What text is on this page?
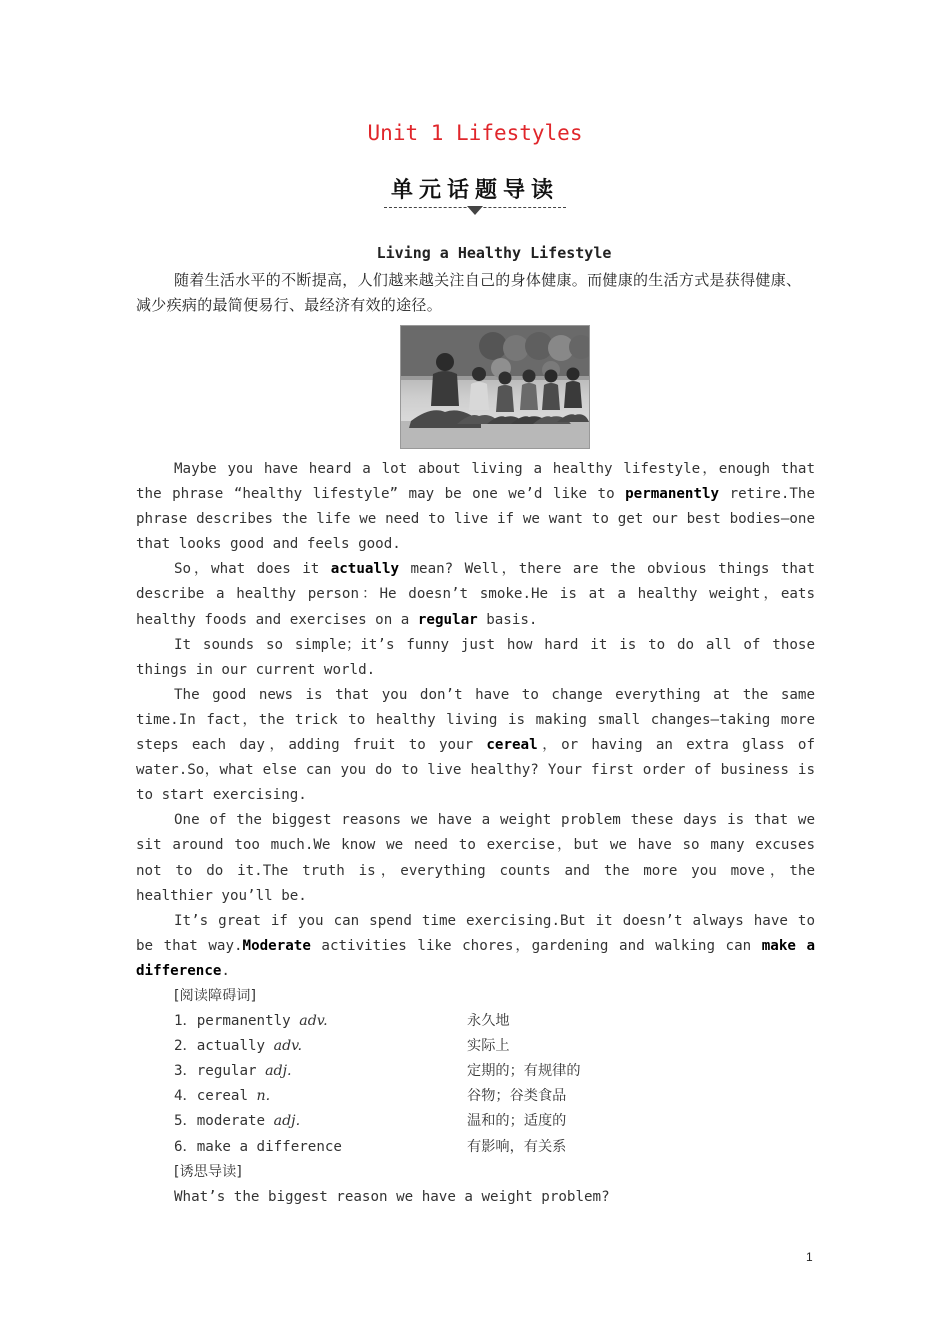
Unit 1 Lifestyles
单元话题导读
Living a Healthy Lifestyle
随着生活水平的不断提高，人们越来越关注自己的身体健康。而健康的生活方式是获得健康、减少疾病的最简便易行、最经济有效的途径。

Maybe you have heard a lot about living a healthy lifestyle，enough that the phrase “healthy lifestyle” may be one we’d like to permanently retire.The phrase describes the life we need to live if we want to get our best bodies—one that looks good and feels good.

So，what does it actually mean? Well，there are the obvious things that describe a healthy person：He doesn’t smoke.He is at a healthy weight，eats healthy foods and exercises on a regular basis.

It sounds so simple；it’s funny just how hard it is to do all of those things in our current world.

The good news is that you don’t have to change everything at the same time.In fact，the trick to healthy living is making small changes—taking more steps each day，adding fruit to your cereal，or having an extra glass of water.So，what else can you do to live healthy? Your first order of business is to start exercising.

One of the biggest reasons we have a weight problem these days is that we sit around too much.We know we need to exercise，but we have so many excuses not to do it.The truth is，everything counts and the more you move，the healthier you’ll be.

It’s great if you can spend time exercising.But it doesn’t always have to be that way.Moderate activities like chores，gardening and walking can make a difference.

[阅读障碍词]

1．permanently adv.	永久地
2．actually adv.	实际上
3．regular adj.	定期的；有规律的
4．cereal n.	谷物；谷类食品
5．moderate adj.	温和的；适度的
6．make a difference	有影响，有关系

[诱思导读]

What’s the biggest reason we have a weight problem?

1
